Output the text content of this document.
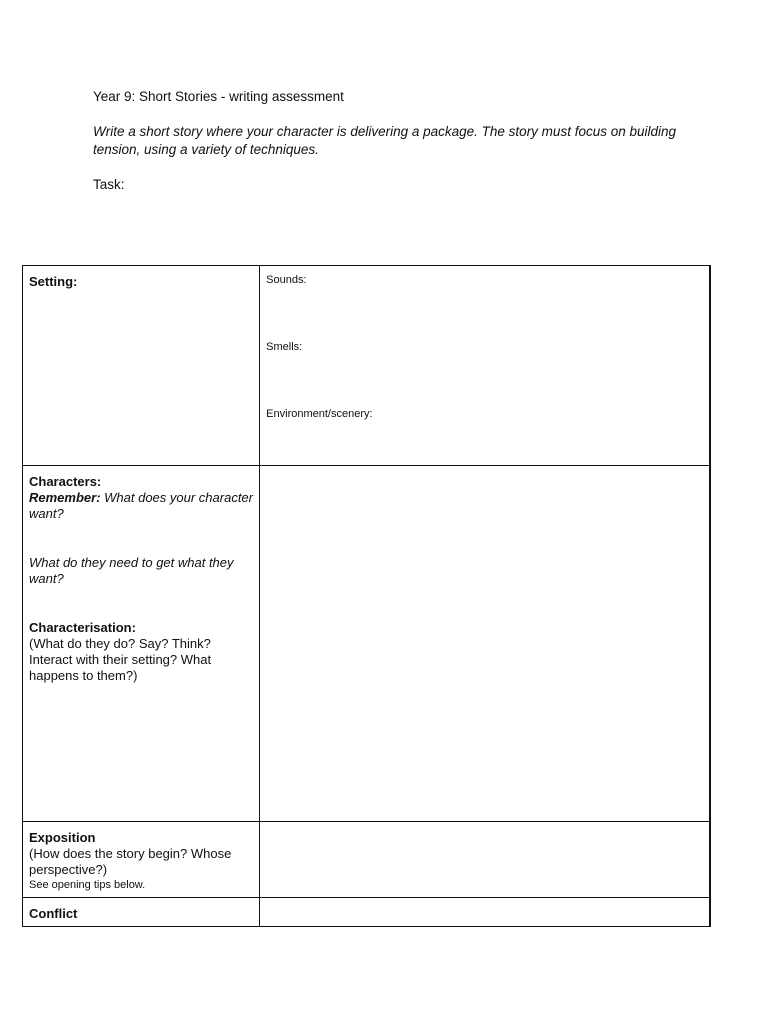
Year 9: Short Stories - writing assessment

Write a short story where your character is delivering a package. The story must focus on building tension, using a variety of techniques.

Task:

Setting:	Sounds:
Smells:
Environment/scenery:

Characters:
Remember: What does your character want?
What do they need to get what they want?
Characterisation:
(What do they do? Say? Think? Interact with their setting? What happens to them?)	

Exposition
(How does the story begin? Whose perspective?)
See opening tips below.	

Conflict	
